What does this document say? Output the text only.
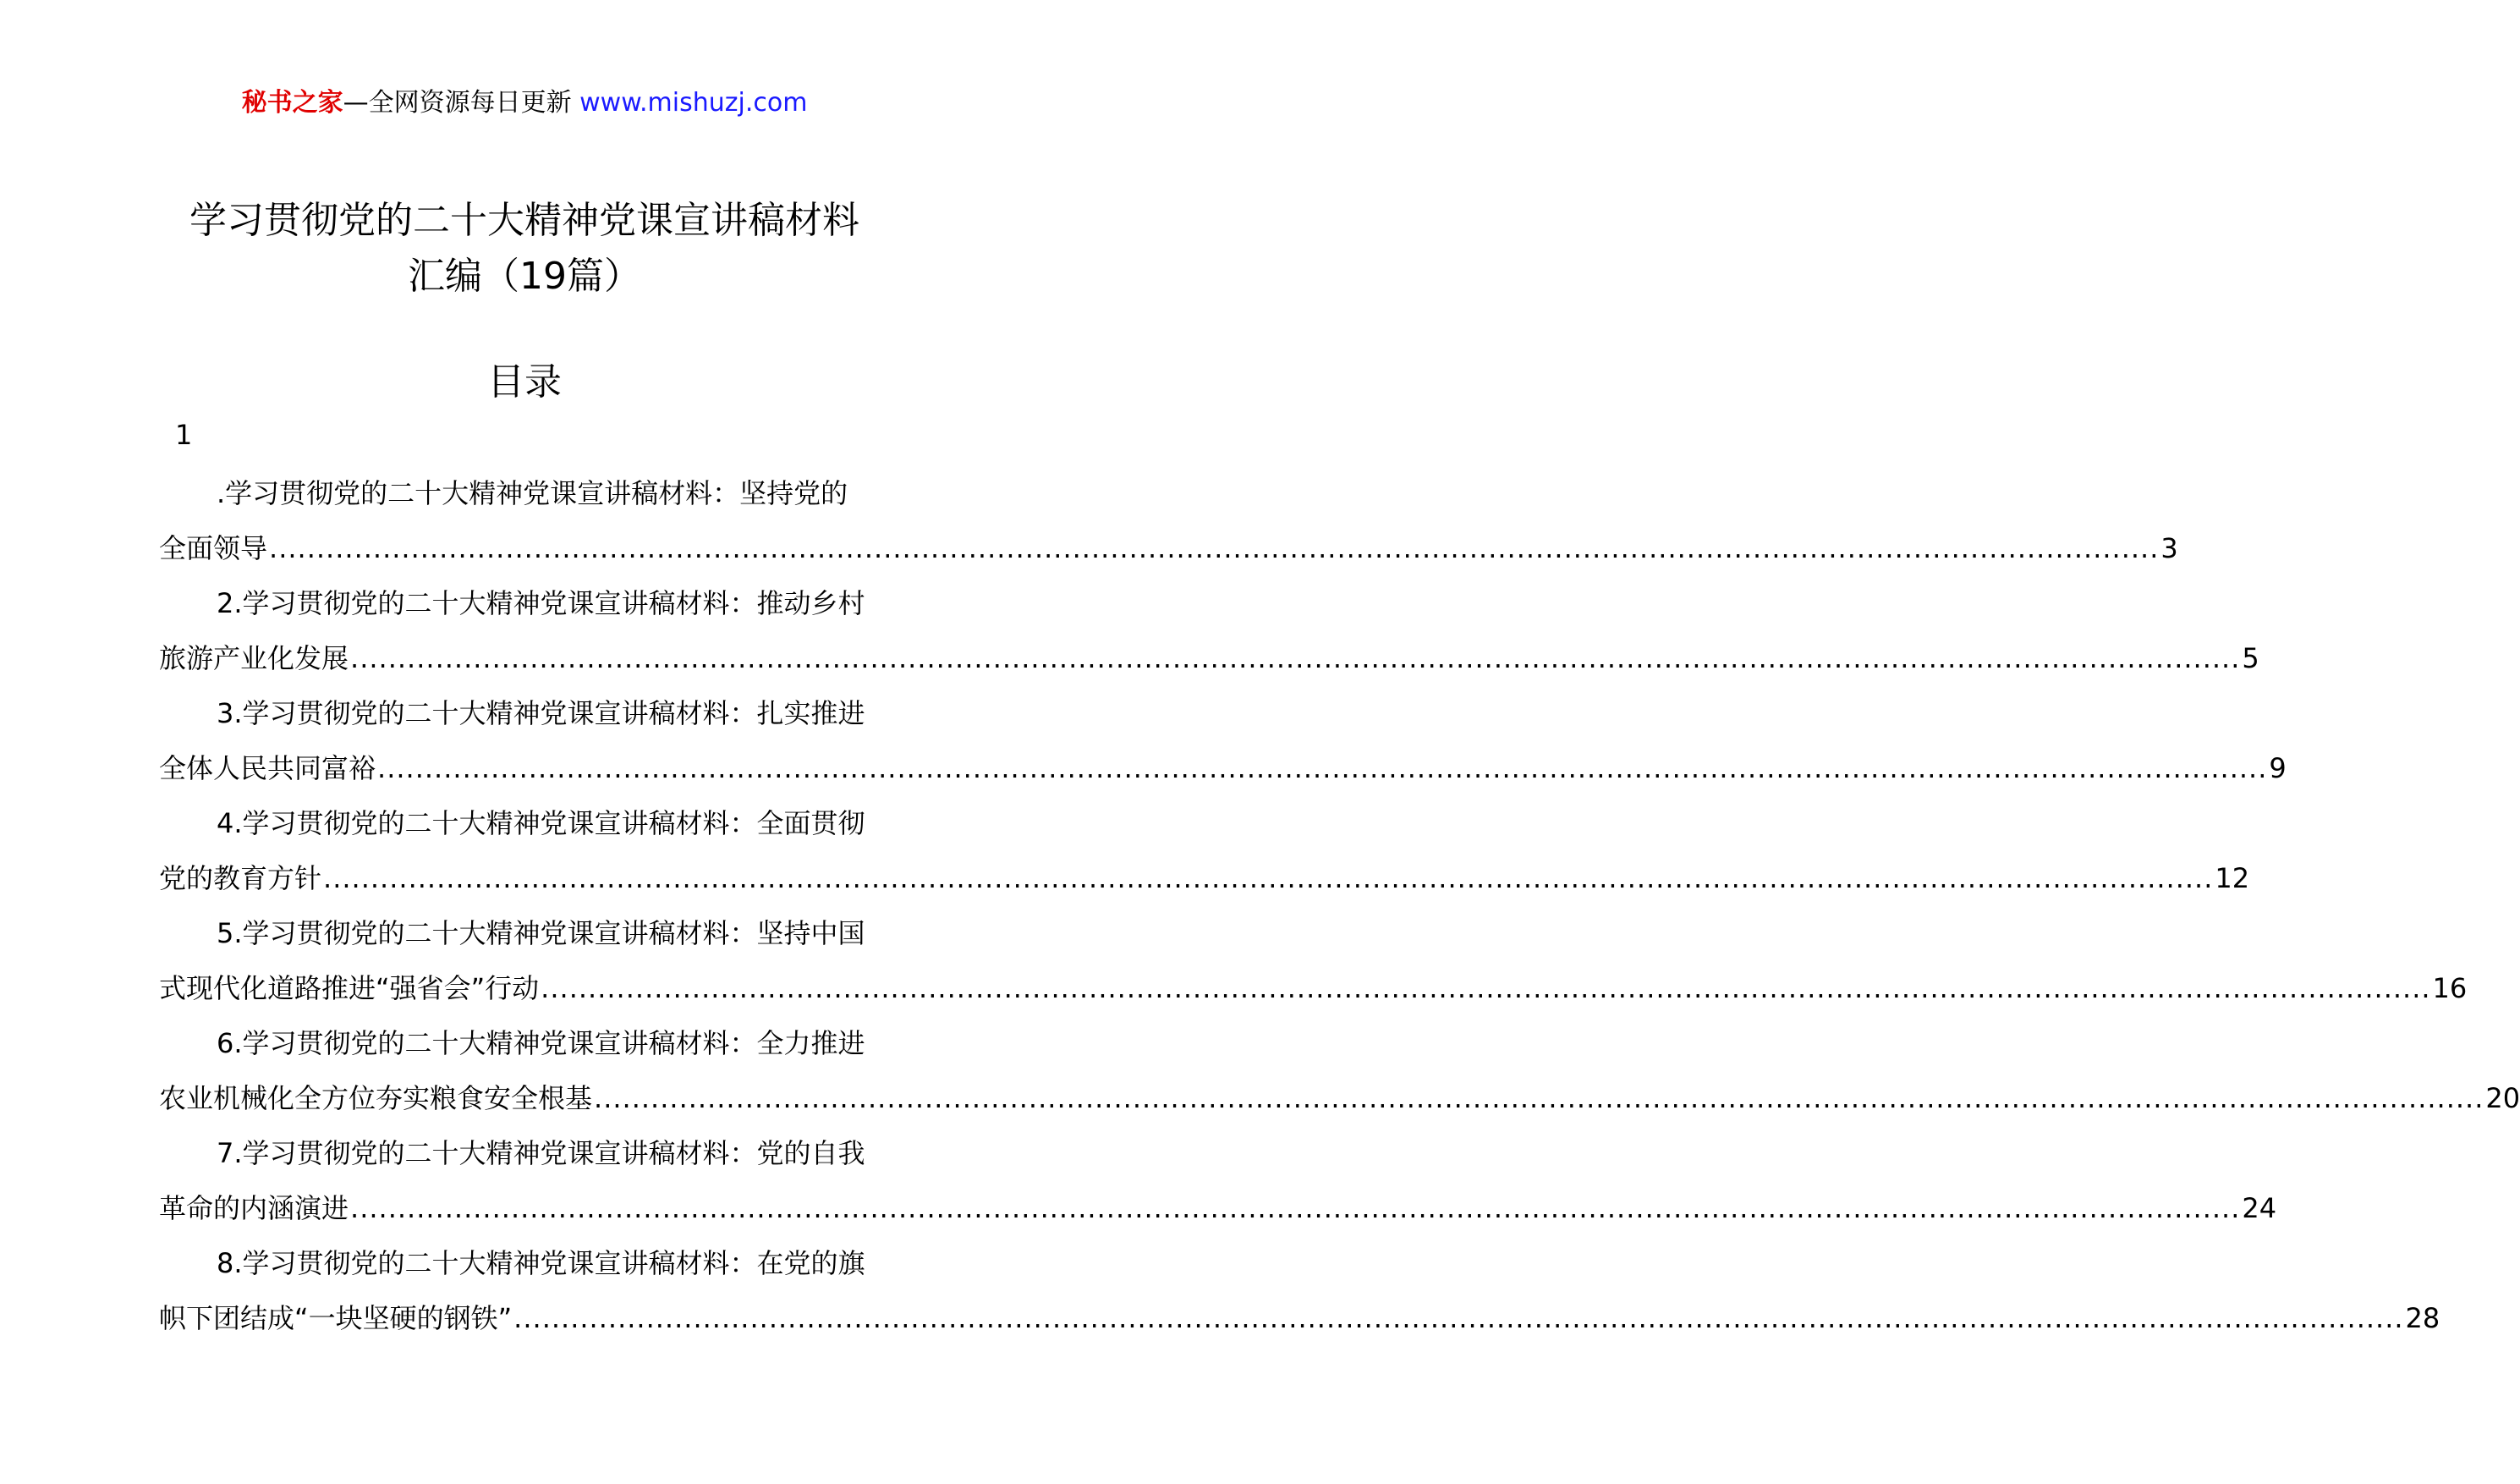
秘书之家—全网资源每日更新 www.mishuzj.com
学习贯彻党的二十大精神党课宣讲稿材料
汇编（19篇）
目录
1
.学习贯彻党的二十大精神党课宣讲稿材料：坚持党的
全面领导 ........................................................................................................................................................................................................ 3
2.学习贯彻党的二十大精神党课宣讲稿材料：推动乡村
旅游产业化发展 ........................................................................................................................................................................................................ 5
3.学习贯彻党的二十大精神党课宣讲稿材料：扎实推进
全体人民共同富裕 ........................................................................................................................................................................................................ 9
4.学习贯彻党的二十大精神党课宣讲稿材料：全面贯彻
党的教育方针 ........................................................................................................................................................................................................ 12
5.学习贯彻党的二十大精神党课宣讲稿材料：坚持中国
式现代化道路推进“强省会”行动 ........................................................................................................................................................................................................ 16
6.学习贯彻党的二十大精神党课宣讲稿材料：全力推进
农业机械化全方位夯实粮食安全根基 ........................................................................................................................................................................................................ 20
7.学习贯彻党的二十大精神党课宣讲稿材料：党的自我
革命的内涵演进 ........................................................................................................................................................................................................ 24
8.学习贯彻党的二十大精神党课宣讲稿材料：在党的旗
帜下团结成“一块坚硬的钢铁” ........................................................................................................................................................................................................ 28
